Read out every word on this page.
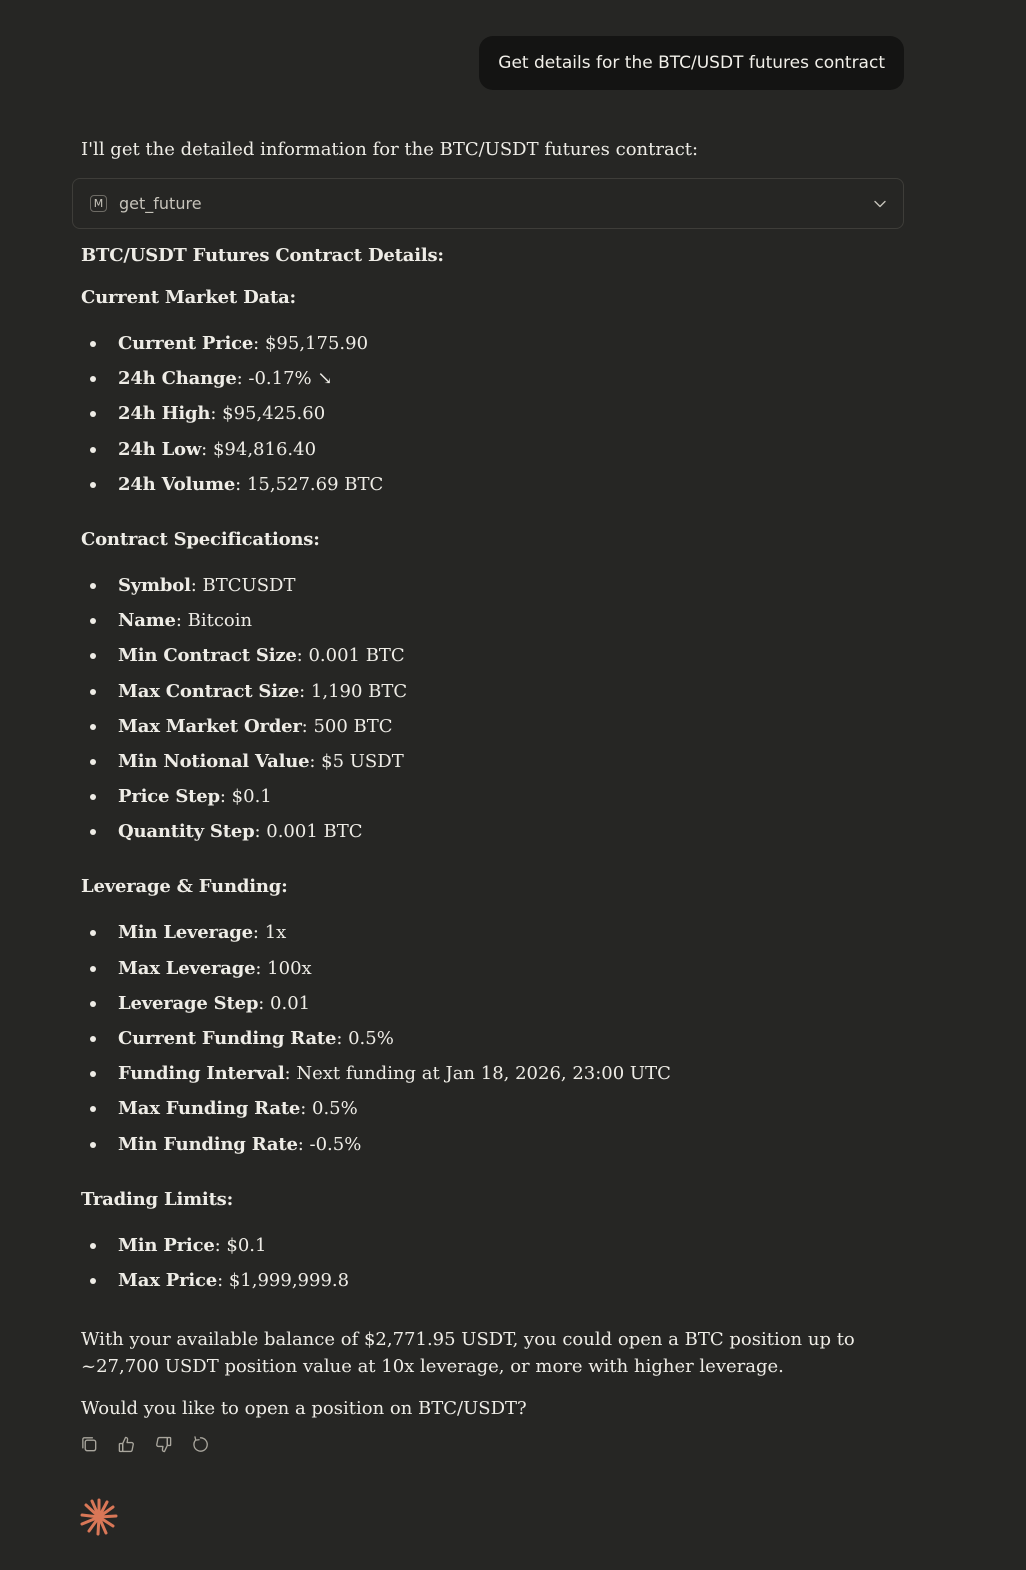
Get details for the BTC/USDT futures contract

I'll get the detailed information for the BTC/USDT futures contract:

M get_future
BTC/USDT Futures Contract Details:
Current Market Data:
Current Price: $95,175.90
24h Change: -0.17% ↘
24h High: $95,425.60
24h Low: $94,816.40
24h Volume: 15,527.69 BTC
Contract Specifications:
Symbol: BTCUSDT
Name: Bitcoin
Min Contract Size: 0.001 BTC
Max Contract Size: 1,190 BTC
Max Market Order: 500 BTC
Min Notional Value: $5 USDT
Price Step: $0.1
Quantity Step: 0.001 BTC
Leverage & Funding:
Min Leverage: 1x
Max Leverage: 100x
Leverage Step: 0.01
Current Funding Rate: 0.5%
Funding Interval: Next funding at Jan 18, 2026, 23:00 UTC
Max Funding Rate: 0.5%
Min Funding Rate: -0.5%
Trading Limits:
Min Price: $0.1
Max Price: $1,999,999.8

With your available balance of $2,771.95 USDT, you could open a BTC position up to ~27,700 USDT position value at 10x leverage, or more with higher leverage.

Would you like to open a position on BTC/USDT?
